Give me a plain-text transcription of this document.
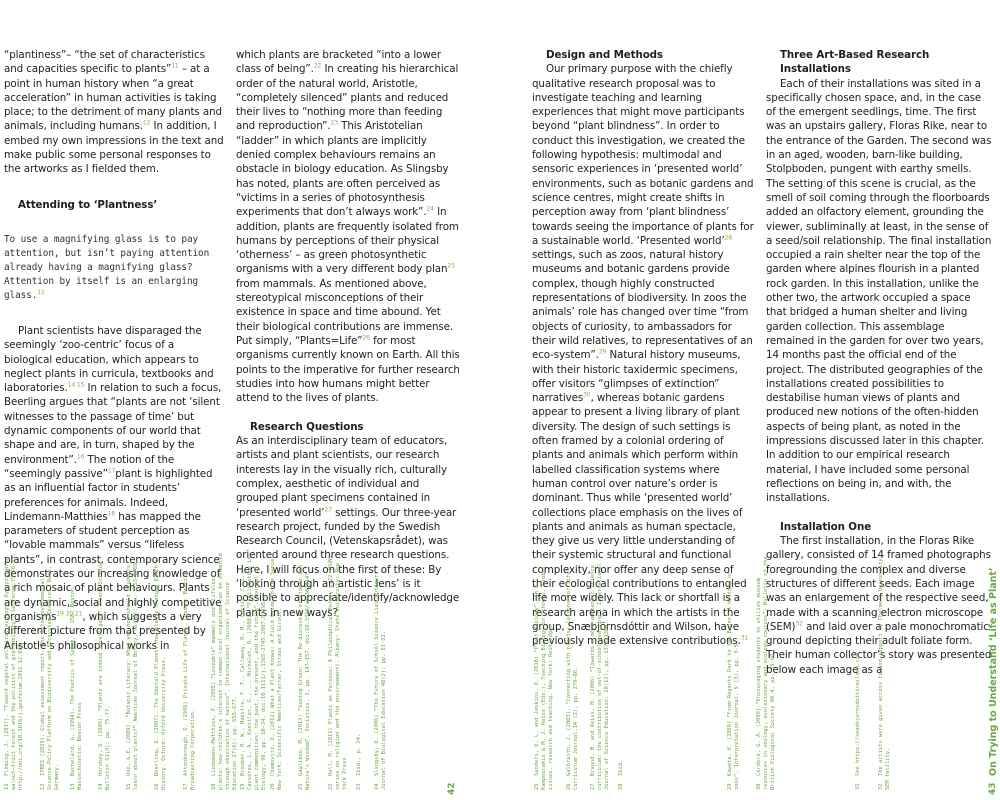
“plantiness”– “the set of characteristics and capacities specific to plants”$^{11}$ – at a point in human history when “a great acceleration” in human activities is taking place; to the detriment of many plants and animals, including humans.$^{12}$ In addition, I embed my own impressions in the text and make public some personal responses to the artworks as I fielded them.

Attending to ‘Plantness’

To use a magnifying glass is to pay attention, but isn’t paying attention already having a magnifying glass? Attention by itself is an enlarging glass.$^{13}$

Plant scientists have disparaged the seemingly ‘zoo-centric’ focus of a biological education, which appears to neglect plants in curricula, textbooks and laboratories.$^{14 15}$ In relation to such a focus, Beerling argues that “plants are not ‘silent witnesses to the passage of time’ but dynamic components of our world that shape and are, in turn, shaped by the environment”.$^{16}$ The notion of the “seemingly passive”$^{17}$plant is highlighted as an influential factor in students’ preferences for animals. Indeed, Lindemann-Matthies$^{18}$ has mapped the parameters of student perception as “lovable mammals” versus “lifeless plants”, in contrast, contemporary science demonstrates our increasing knowledge of a rich mosaic of plant behaviours. Plants are dynamic, social and highly competitive organisms$^{19 20 21}$, which suggests a very different picture from that presented by Aristotle’s philosophical works in

which plants are bracketed “into a lower class of being”.$^{22}$ In creating his hierarchical order of the natural world, Aristotle, “completely silenced” plants and reduced their lives to “nothing more than feeding and reproduction”.$^{23}$ This Aristotelian “ladder” in which plants are implicitly denied complex behaviours remains an obstacle in biology education. As Slingsby has noted, plants are often perceived as “victims in a series of photosynthesis experiments that don’t always work”.$^{24}$ In addition, plants are frequently isolated from humans by perceptions of their physical ‘otherness’ – as green photosynthetic organisms with a very different body plan$^{25}$ from mammals. As mentioned above, stereotypical misconceptions of their existence in space and time abound. Yet their biological contributions are immense. Put simply, “Plants=Life”$^{26}$ for most organisms currently known on Earth. All this points to the imperative for further research studies into how humans might better attend to the lives of plants.

Research Questions

As an interdisciplinary team of educators, artists and plant scientists, our research interests lay in the visually rich, culturally complex, aesthetic of individual and grouped plant specimens contained in ‘presented world’$^{27}$ settings. Our three-year research project, funded by the Swedish Research Council, (Vetenskapsrådet), was oriented around three research questions. Here, I will focus on the first of these: By ‘looking through an artistic lens’ is it possible to appreciate/identify/acknowledge plants in new ways?

Design and Methods

Our primary purpose with the chiefly qualitative research proposal was to investigate teaching and learning experiences that might move participants beyond “plant blindness”. In order to conduct this investigation, we created the following hypothesis: multimodal and sensoric experiences in ‘presented world’ environments, such as botanic gardens and science centres, might create shifts in perception away from ‘plant blindness’ towards seeing the importance of plants for a sustainable world. ‘Presented world’$^{28}$ settings, such as zoos, natural history museums and botanic gardens provide complex, though highly constructed representations of biodiversity. In zoos the animals’ role has changed over time “from objects of curiosity, to ambassadors for their wild relatives, to representatives of an eco-system”.$^{29}$ Natural history museums, with their historic taxidermic specimens, offer visitors “glimpses of extinction” narratives$^{30}$, whereas botanic gardens appear to present a living library of plant diversity. The design of such settings is often framed by a colonial ordering of plants and animals which perform within labelled classification systems where human control over nature’s order is dominant. Thus while ‘presented world’ collections place emphasis on the lives of plants and animals as human spectacle, they give us very little understanding of their systemic structural and functional complexity, nor offer any deep sense of their ecological contributions to entangled life more widely. This lack or shortfall is a research arena in which the artists in the group, Snæbjörnsdóttir and Wilson, have previously made extensive contributions.$^{31}$

Three Art-Based Research Installations

Each of their installations was sited in a specifically chosen space, and, in the case of the emergent seedlings, time. The first was an upstairs gallery, Floras Rike, near to the entrance of the Garden. The second was in an aged, wooden, barn-like building, Stolpboden, pungent with earthy smells. The setting of this scene is crucial, as the smell of soil coming through the floorboards added an olfactory element, grounding the viewer, subliminally at least, in the sense of a seed/soil relationship. The final installation occupied a rain shelter near the top of the garden where alpines flourish in a planted rock garden. In this installation, unlike the other two, the artwork occupied a space that bridged a human shelter and living garden collection. This assemblage remained in the garden for over two years, 14 months past the official end of the project. The distributed geographies of the installations created possibilities to destabilise human views of plants and produced new notions of the often-hidden aspects of being plant, as noted in the impressions discussed later in this chapter. In addition to our empirical research material, I have included some personal reflections on being in, and with, the installations.

Installation One

The first installation, in the Floras Rike gallery, consisted of 14 framed photographs foregrounding the complex and diverse structures of different seeds. Each image was an enlargement of the respective seed, made with a scanning electron microscope (SEM)$^{32}$ and laid over a pale monochromatic ground depicting their adult foliate form. Their human collector’s story was presented below each image as a

11Fleming, J. (2017). “Toward vegetal political ecology: Kyrgyzstan’s walnut–fruit forest and the politics of graftability”, Geoforum,79:26-35. http://doi.org/10.1016/j.geoforum.2016.12.009	12IPBES (2019). Global assessment report. The Intergovernmental Science-Policy Platform on Biodiversity and Ecosystem Services. Bonn, Germany. 13Bachelard, G. (1994). The Poetics of Space, p. 158. Boston, Massachusetts: Beacon Press	14Hershey, D. (2005). “Plants are indeed intelligent”. Plant Science Bulletin 51(3): pp. 75-77.	15Uno, G.E. (2009). “Botanic Literacy: What and how should students learn about plants?” American Journal of Botany, 96(10): pp. 1753–1759.	16Beerling, D. (2007). The Emerald Planet: How plants changed Earth’s History. Oxford: Oxford University Press.	17Attenborough, D. (1995) Private Life of Plants. London: British Broadcasting Corporation.	18Lindemann-Matthies, P. (2005) “Loveable” mammals and “lifeless” plants: how children’s interest in common local organisms can be enhanced through observation of nature”. International Journal of Science Education 27(6): pp. 655–677. 19Brooker, R. W., Maestre, F. T., Callaway, R. M., Lortie, C. L., Cavieres, L. A., Kunstler, G., ... Michalet, R. (2008). “Facilitation in plant communities: the past, the present, and the future”. Journal of Ecology, 96, pp. 18–34. doi:10.1111/j.1365-2745.2007.01295.x 20Chamovitz, D. (2012) What a Plant Knows: A Field Guide to the Senses. New York: Scientific American/Farrar, Straus and Giroux.	21Gagliano, M. (2013) “Seeing Green: The Re-discovery of Plants and Nature’s Wisdom”. Societies, 3, pp. 147–157. doi:10.3390/soc3010147	22Hall, M. (2011) Plants as Persons: A Philosophical Botany p.22 (SUNY series on religion and the environment). Albany: State University: New York Press. 23Ibid., p. 24.
24Slingsby, D. (2006) “The Future of School Science Lies Outdoors”. Journal of Biological Education 40(2): pp. 51-52.	25Sanders, D. L. and Jenkins, D. (2018) “Plant Biology”. In K. Kampourakis & M. J. Reiss (Eds.), Teaching Biology in Schools. Global issues, research and teaching. New York: Routledge. 26Galbraith, J. (2003). “Connecting with plants: lessons for life”. Curriculum Journal,14 (2), pp. 279–86. 27Braund, M. and Reiss, M. (2006) “Towards a more authentic science curriculum: the contribution of out-of-school learning”. International Journal of Science Education, 28(12), pp. 1373–1388. 28Ibid.
29Kawata, K. (2009) “From Regents Park to the Bronx: A history of zoos”. Interpretation Journal, 5 (3), pp. 3-5.	30Cordero, G. A. (2009) “Encouraging students to utilize museum resources in zoology, evolutionary and ecology courses”. Bulletin of the British Ecological Society 40.4, pp. 59-60.	31See https://snaebjornsdottirwilson.com
32The artists were given access to and support by Chalmers University SEM facility.
42	43
On Trying to Understand ‘Life as Plant’
